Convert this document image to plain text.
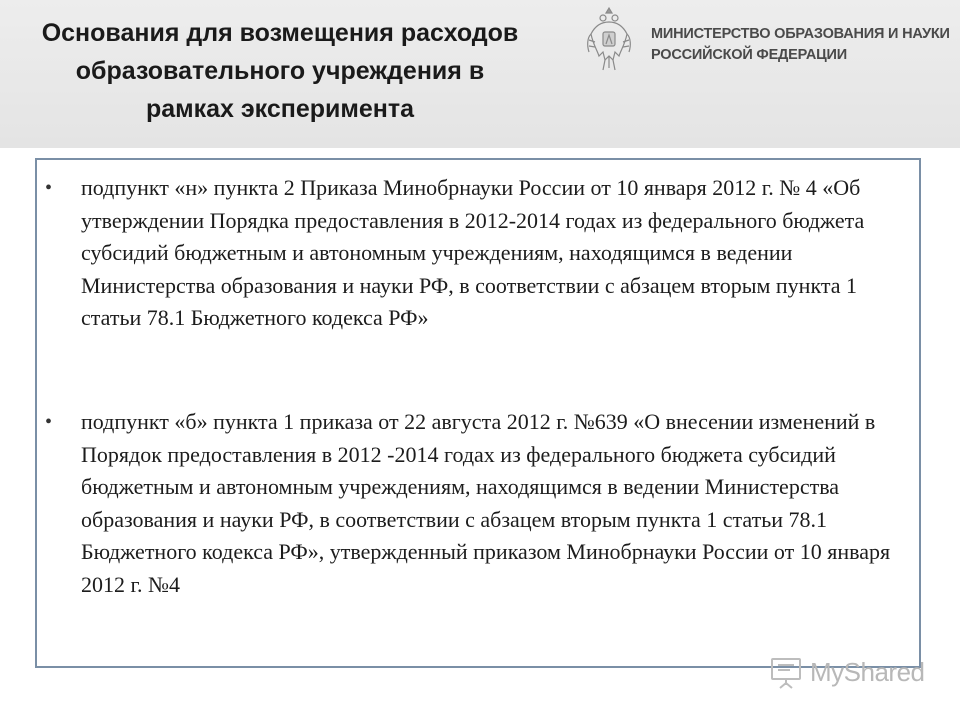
Основания для возмещения расходов
образовательного учреждения в
рамках эксперимента
МИНИСТЕРСТВО ОБРАЗОВАНИЯ И НАУКИ
РОССИЙСКОЙ ФЕДЕРАЦИИ
• подпункт «н» пункта 2 Приказа Минобрнауки России от 10 января 2012 г. № 4 «Об утверждении Порядка предоставления в 2012-2014 годах из федерального бюджета субсидий бюджетным и автономным учреждениям, находящимся в ведении Министерства образования и науки РФ, в соответствии с абзацем вторым пункта 1 статьи 78.1 Бюджетного кодекса РФ»
• подпункт «б» пункта 1 приказа от 22 августа 2012 г. №639 «О внесении изменений в Порядок предоставления в 2012 -2014 годах из федерального бюджета субсидий бюджетным и автономным учреждениям, находящимся в ведении Министерства образования и науки РФ, в соответствии с абзацем вторым пункта 1 статьи 78.1 Бюджетного кодекса РФ», утвержденный приказом Минобрнауки России от 10 января 2012 г. №4
MyShared
